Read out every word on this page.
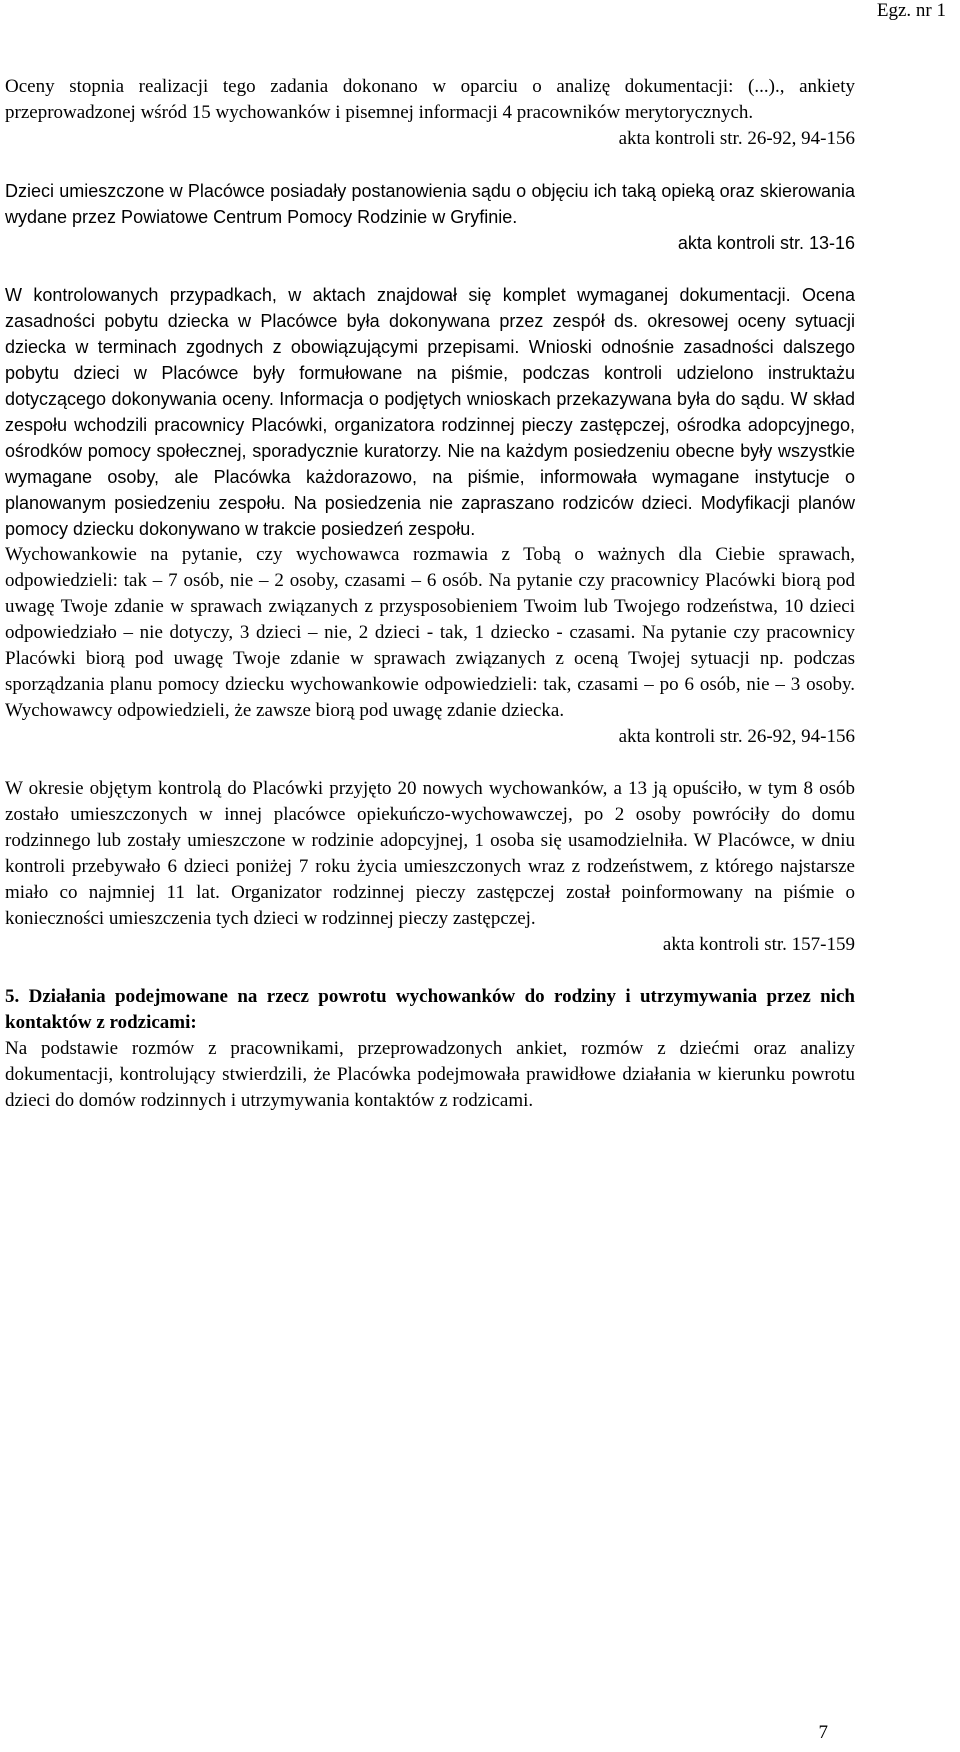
Egz. nr 1

Oceny stopnia realizacji tego zadania dokonano w oparciu o analizę dokumentacji: (...)., ankiety przeprowadzonej wśród 15 wychowanków i pisemnej informacji 4 pracowników merytorycznych.

akta kontroli str. 26-92, 94-156

Dzieci umieszczone w Placówce posiadały postanowienia sądu o objęciu ich taką opieką oraz skierowania wydane przez Powiatowe Centrum Pomocy Rodzinie w Gryfinie.

akta kontroli str. 13-16

W kontrolowanych przypadkach, w aktach znajdował się komplet wymaganej dokumentacji. Ocena zasadności pobytu dziecka w Placówce była dokonywana przez zespół ds. okresowej oceny sytuacji dziecka w terminach zgodnych z obowiązującymi przepisami. Wnioski odnośnie zasadności dalszego pobytu dzieci w Placówce były formułowane na piśmie, podczas kontroli udzielono instruktażu dotyczącego dokonywania oceny. Informacja o podjętych wnioskach przekazywana była do sądu. W skład zespołu wchodzili pracownicy Placówki, organizatora rodzinnej pieczy zastępczej, ośrodka adopcyjnego, ośrodków pomocy społecznej, sporadycznie kuratorzy. Nie na każdym posiedzeniu obecne były wszystkie wymagane osoby, ale Placówka każdorazowo, na piśmie, informowała wymagane instytucje o planowanym posiedzeniu zespołu. Na posiedzenia nie zapraszano rodziców dzieci. Modyfikacji planów pomocy dziecku dokonywano w trakcie posiedzeń zespołu.

Wychowankowie na pytanie, czy wychowawca rozmawia z Tobą o ważnych dla Ciebie sprawach, odpowiedzieli: tak – 7 osób, nie – 2 osoby, czasami – 6 osób. Na pytanie czy pracownicy Placówki biorą pod uwagę Twoje zdanie w sprawach związanych z przysposobieniem Twoim lub Twojego rodzeństwa, 10 dzieci odpowiedziało – nie dotyczy, 3 dzieci – nie, 2 dzieci - tak, 1 dziecko - czasami. Na pytanie czy pracownicy Placówki biorą pod uwagę Twoje zdanie w sprawach związanych z oceną Twojej sytuacji np. podczas sporządzania planu pomocy dziecku wychowankowie odpowiedzieli: tak, czasami – po 6 osób, nie – 3 osoby. Wychowawcy odpowiedzieli, że zawsze biorą pod uwagę zdanie dziecka.

akta kontroli str. 26-92, 94-156

W okresie objętym kontrolą do Placówki przyjęto 20 nowych wychowanków, a 13 ją opuściło, w tym 8 osób zostało umieszczonych w innej placówce opiekuńczo-wychowawczej, po 2 osoby powróciły do domu rodzinnego lub zostały umieszczone w rodzinie adopcyjnej, 1 osoba się usamodzielniła. W Placówce, w dniu kontroli przebywało 6 dzieci poniżej 7 roku życia umieszczonych wraz z rodzeństwem, z którego najstarsze miało co najmniej 11 lat. Organizator rodzinnej pieczy zastępczej został poinformowany na piśmie o konieczności umieszczenia tych dzieci w rodzinnej pieczy zastępczej.

akta kontroli str. 157-159

5. Działania podejmowane na rzecz powrotu wychowanków do rodziny i utrzymywania przez nich kontaktów z rodzicami:

Na podstawie rozmów z pracownikami, przeprowadzonych ankiet, rozmów z dziećmi oraz analizy dokumentacji, kontrolujący stwierdzili, że Placówka podejmowała prawidłowe działania w kierunku powrotu dzieci do domów rodzinnych i utrzymywania kontaktów z rodzicami.

7
